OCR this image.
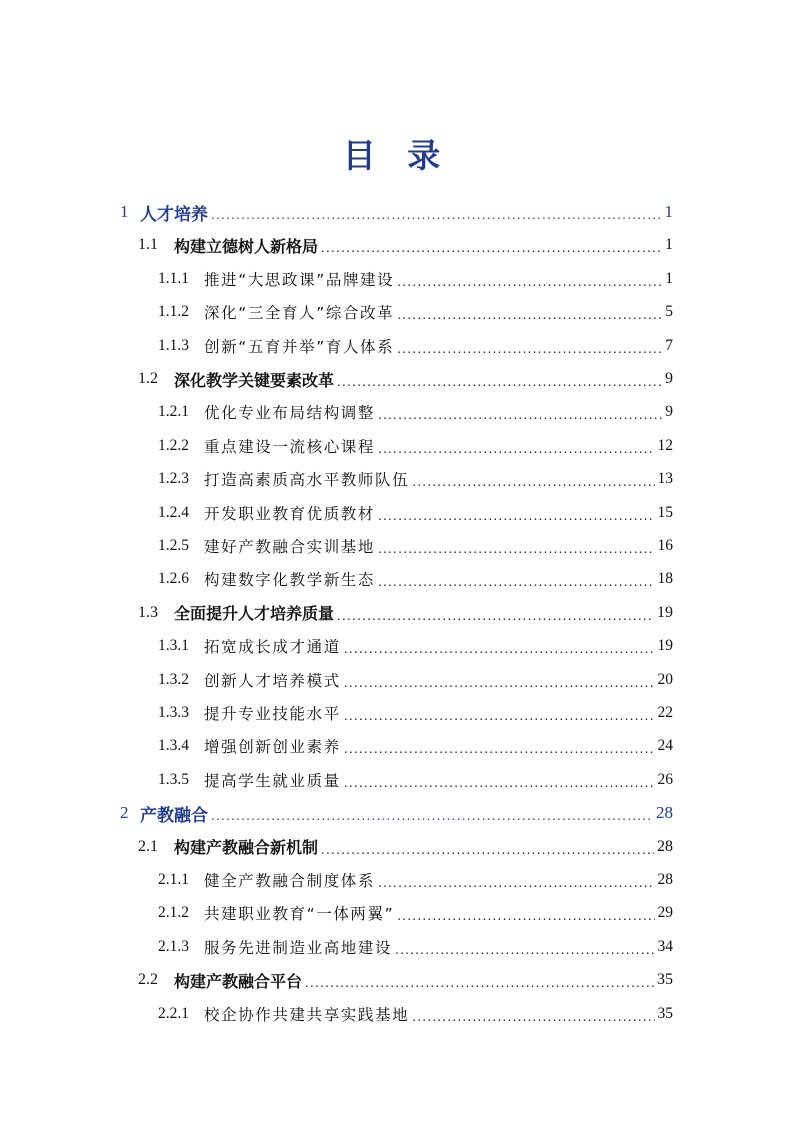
目 录
1 人才培养 .....	1
1.1	构建立德树人新格局 .....	1
1.1.1 推进“大思政课”品牌建设 .....	1
1.1.2 深化“三全育人”综合改革 .....	5
1.1.3 创新“五育并举”育人体系 .....	7
1.2	深化教学关键要素改革 .....	9
1.2.1 优化专业布局结构调整 .....	9
1.2.2 重点建设一流核心课程 .....	12
1.2.3 打造高素质高水平教师队伍 .....	13
1.2.4 开发职业教育优质教材 .....	15
1.2.5 建好产教融合实训基地 .....	16
1.2.6 构建数字化教学新生态 .....	18
1.3	全面提升人才培养质量 .....	19
1.3.1 拓宽成长成才通道 .....	19
1.3.2 创新人才培养模式 .....	20
1.3.3 提升专业技能水平 .....	22
1.3.4 增强创新创业素养 .....	24
1.3.5 提高学生就业质量 .....	26
2 产教融合 .....	28
2.1	构建产教融合新机制 .....	28
2.1.1 健全产教融合制度体系 .....	28
2.1.2 共建职业教育“一体两翼” .....	29
2.1.3 服务先进制造业高地建设 .....	34
2.2	构建产教融合平台 .....	35
2.2.1 校企协作共建共享实践基地 .....	35
